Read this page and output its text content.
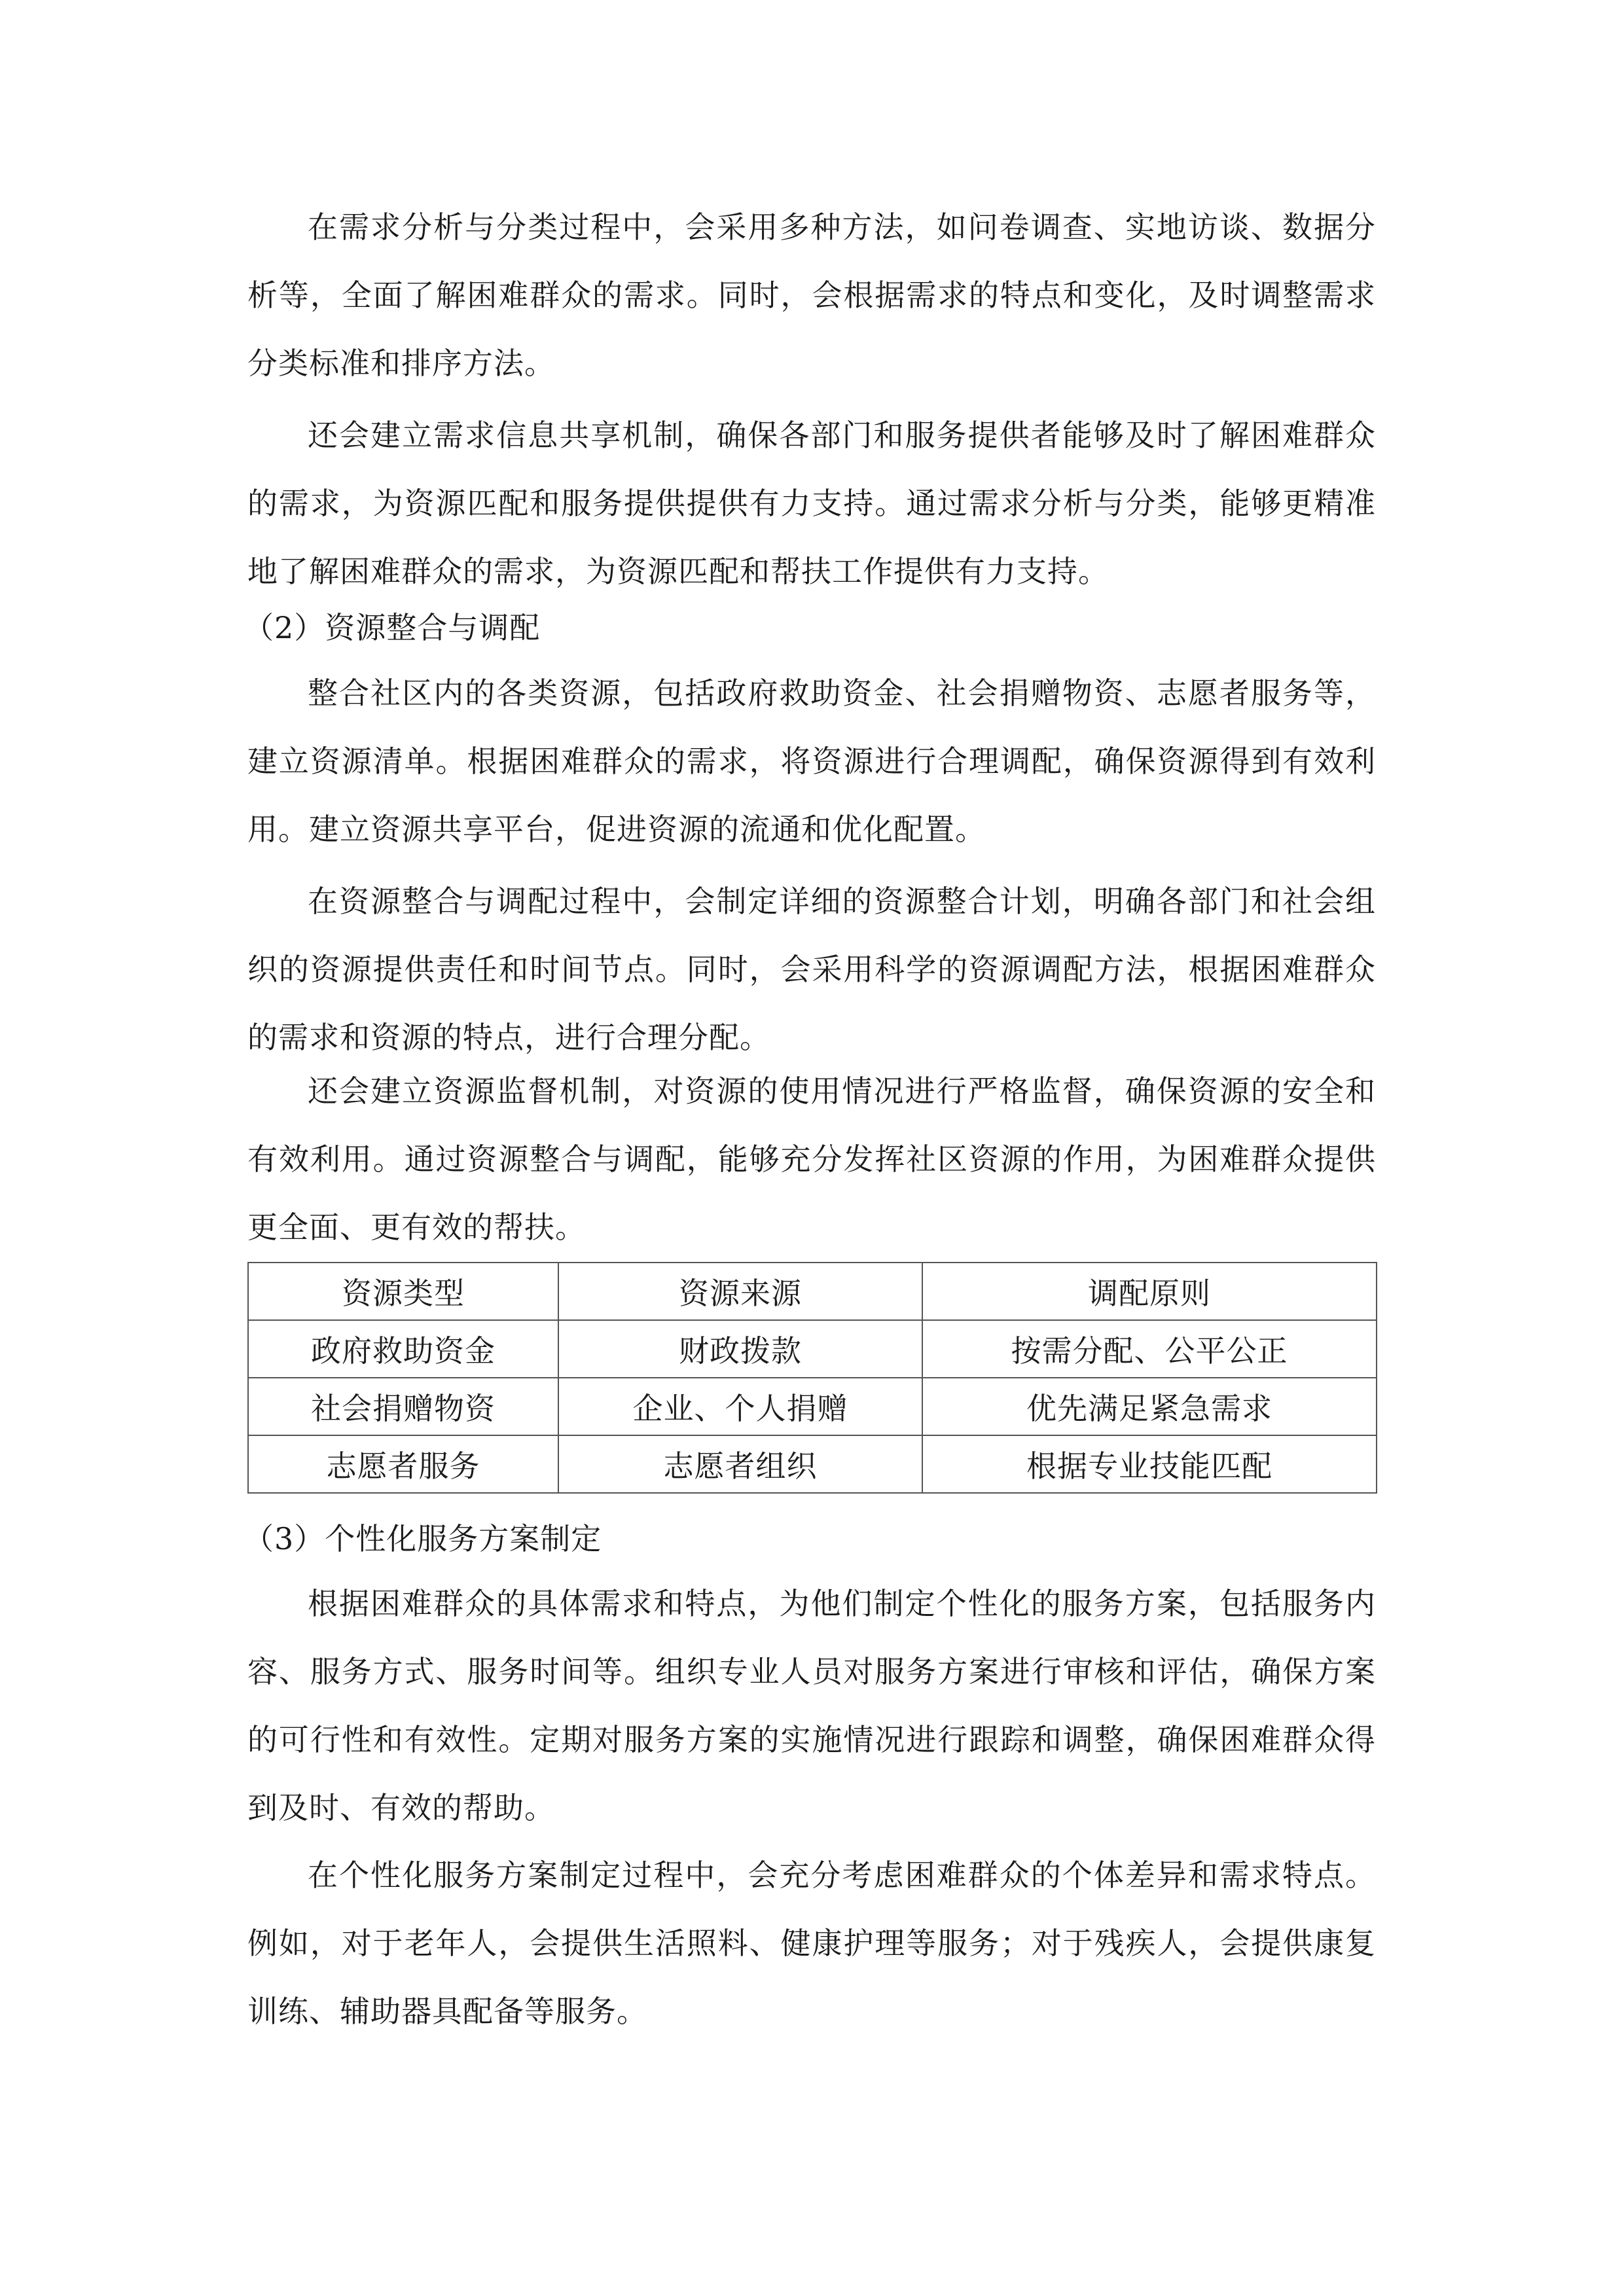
在需求分析与分类过程中，会采用多种方法，如问卷调查、实地访谈、数据分析等，全面了解困难群众的需求。同时，会根据需求的特点和变化，及时调整需求分类标准和排序方法。

还会建立需求信息共享机制，确保各部门和服务提供者能够及时了解困难群众的需求，为资源匹配和服务提供提供有力支持。通过需求分析与分类，能够更精准地了解困难群众的需求，为资源匹配和帮扶工作提供有力支持。

（2）资源整合与调配

整合社区内的各类资源，包括政府救助资金、社会捐赠物资、志愿者服务等，建立资源清单。根据困难群众的需求，将资源进行合理调配，确保资源得到有效利用。建立资源共享平台，促进资源的流通和优化配置。

在资源整合与调配过程中，会制定详细的资源整合计划，明确各部门和社会组织的资源提供责任和时间节点。同时，会采用科学的资源调配方法，根据困难群众的需求和资源的特点，进行合理分配。

还会建立资源监督机制，对资源的使用情况进行严格监督，确保资源的安全和有效利用。通过资源整合与调配，能够充分发挥社区资源的作用，为困难群众提供更全面、更有效的帮扶。

资源类型	资源来源	调配原则
政府救助资金	财政拨款	按需分配、公平公正
社会捐赠物资	企业、个人捐赠	优先满足紧急需求
志愿者服务	志愿者组织	根据专业技能匹配

（3）个性化服务方案制定

根据困难群众的具体需求和特点，为他们制定个性化的服务方案，包括服务内容、服务方式、服务时间等。组织专业人员对服务方案进行审核和评估，确保方案的可行性和有效性。定期对服务方案的实施情况进行跟踪和调整，确保困难群众得到及时、有效的帮助。

在个性化服务方案制定过程中，会充分考虑困难群众的个体差异和需求特点。例如，对于老年人，会提供生活照料、健康护理等服务；对于残疾人，会提供康复训练、辅助器具配备等服务。
